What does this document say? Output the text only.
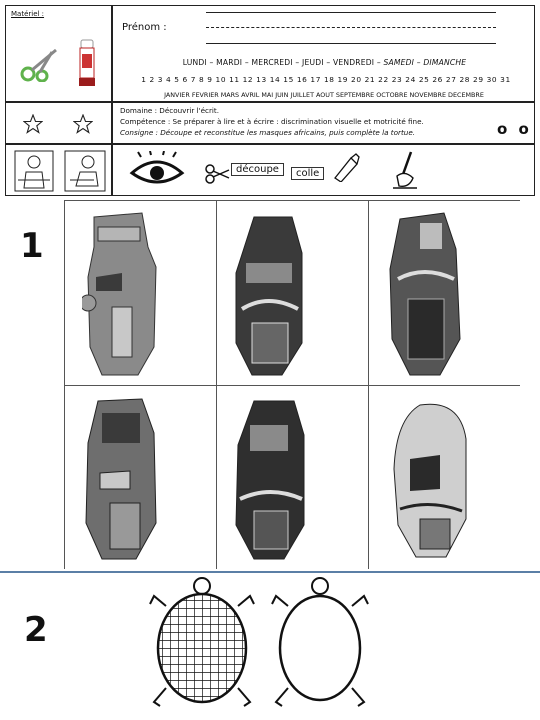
Matériel :
Prénom :
LUNDI – MARDI – MERCREDI – JEUDI – VENDREDI – SAMEDI – DIMANCHE
1 2 3 4 5 6 7 8 9 10 11 12 13 14 15 16 17 18 19 20 21 22 23 24 25 26 27 28 29 30 31
JANVIER FEVRIER MARS AVRIL MAI JUIN JUILLET AOUT SEPTEMBRE OCTOBRE NOVEMBRE DECEMBRE
Domaine : Découvrir l'écrit.
Compétence : Se préparer à lire et à écrire : discrimination visuelle et motricité fine.
Consigne : Découpe et reconstitue les masques africains, puis complète la tortue.	o o
découpe	colle
1
2
